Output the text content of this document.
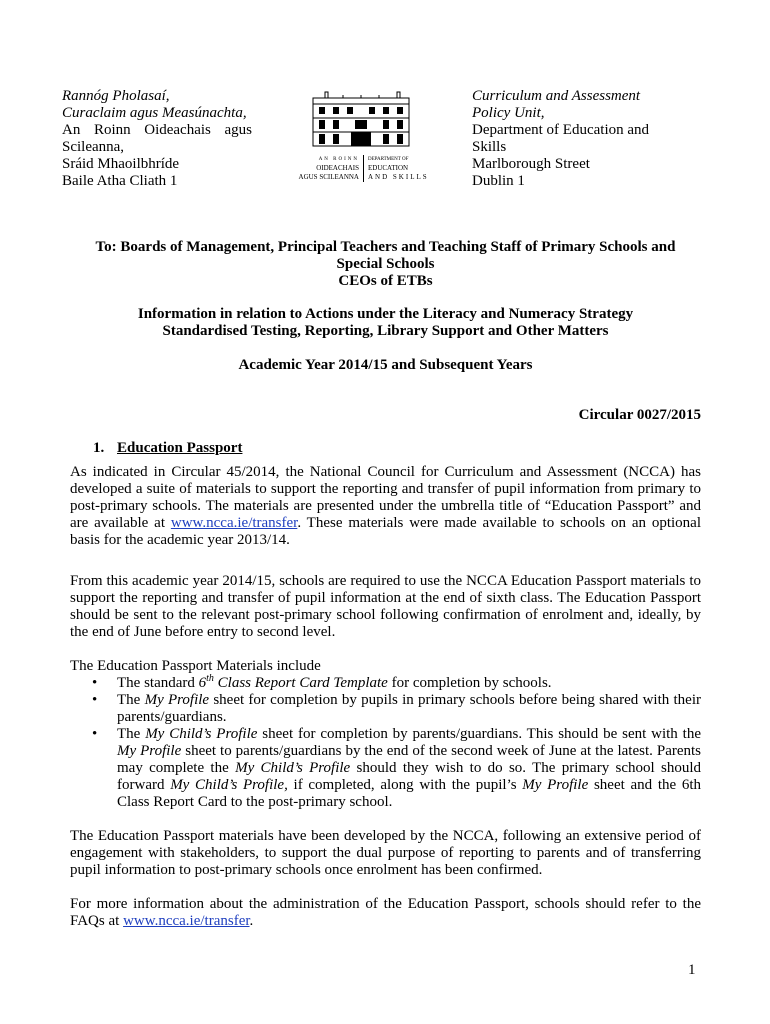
Rannóg Pholasaí,
Curaclaim agus Measúnachta,
An Roinn Oideachais agus
Scileanna,
Sráid Mhaoilbhríde
Baile Atha Cliath 1
AN ROINN
OIDEACHAIS
AGUS SCILEANNA
DEPARTMENT OF
EDUCATION
AND SKILLS
Curriculum and Assessment
Policy Unit,
Department of Education and
Skills
Marlborough Street
Dublin 1
To: Boards of Management, Principal Teachers and Teaching Staff of Primary Schools and
Special Schools
CEOs of ETBs
Information in relation to Actions under the Literacy and Numeracy Strategy
Standardised Testing, Reporting, Library Support and Other Matters
Academic Year 2014/15 and Subsequent Years
Circular 0027/2015
1. Education Passport
As indicated in Circular 45/2014, the National Council for Curriculum and Assessment (NCCA) has developed a suite of materials to support the reporting and transfer of pupil information from primary to post-primary schools. The materials are presented under the umbrella title of “Education Passport” and are available at www.ncca.ie/transfer. These materials were made available to schools on an optional basis for the academic year 2013/14.
From this academic year 2014/15, schools are required to use the NCCA Education Passport materials to support the reporting and transfer of pupil information at the end of sixth class. The Education Passport should be sent to the relevant post-primary school following confirmation of enrolment and, ideally, by the end of June before entry to second level.
The Education Passport Materials include
• The standard 6th Class Report Card Template for completion by schools.
• The My Profile sheet for completion by pupils in primary schools before being shared with their parents/guardians.
• The My Child’s Profile sheet for completion by parents/guardians. This should be sent with the My Profile sheet to parents/guardians by the end of the second week of June at the latest. Parents may complete the My Child’s Profile should they wish to do so. The primary school should forward My Child’s Profile, if completed, along with the pupil’s My Profile sheet and the 6th Class Report Card to the post-primary school.
The Education Passport materials have been developed by the NCCA, following an extensive period of engagement with stakeholders, to support the dual purpose of reporting to parents and of transferring pupil information to post-primary schools once enrolment has been confirmed.
For more information about the administration of the Education Passport, schools should refer to the FAQs at www.ncca.ie/transfer.
1
